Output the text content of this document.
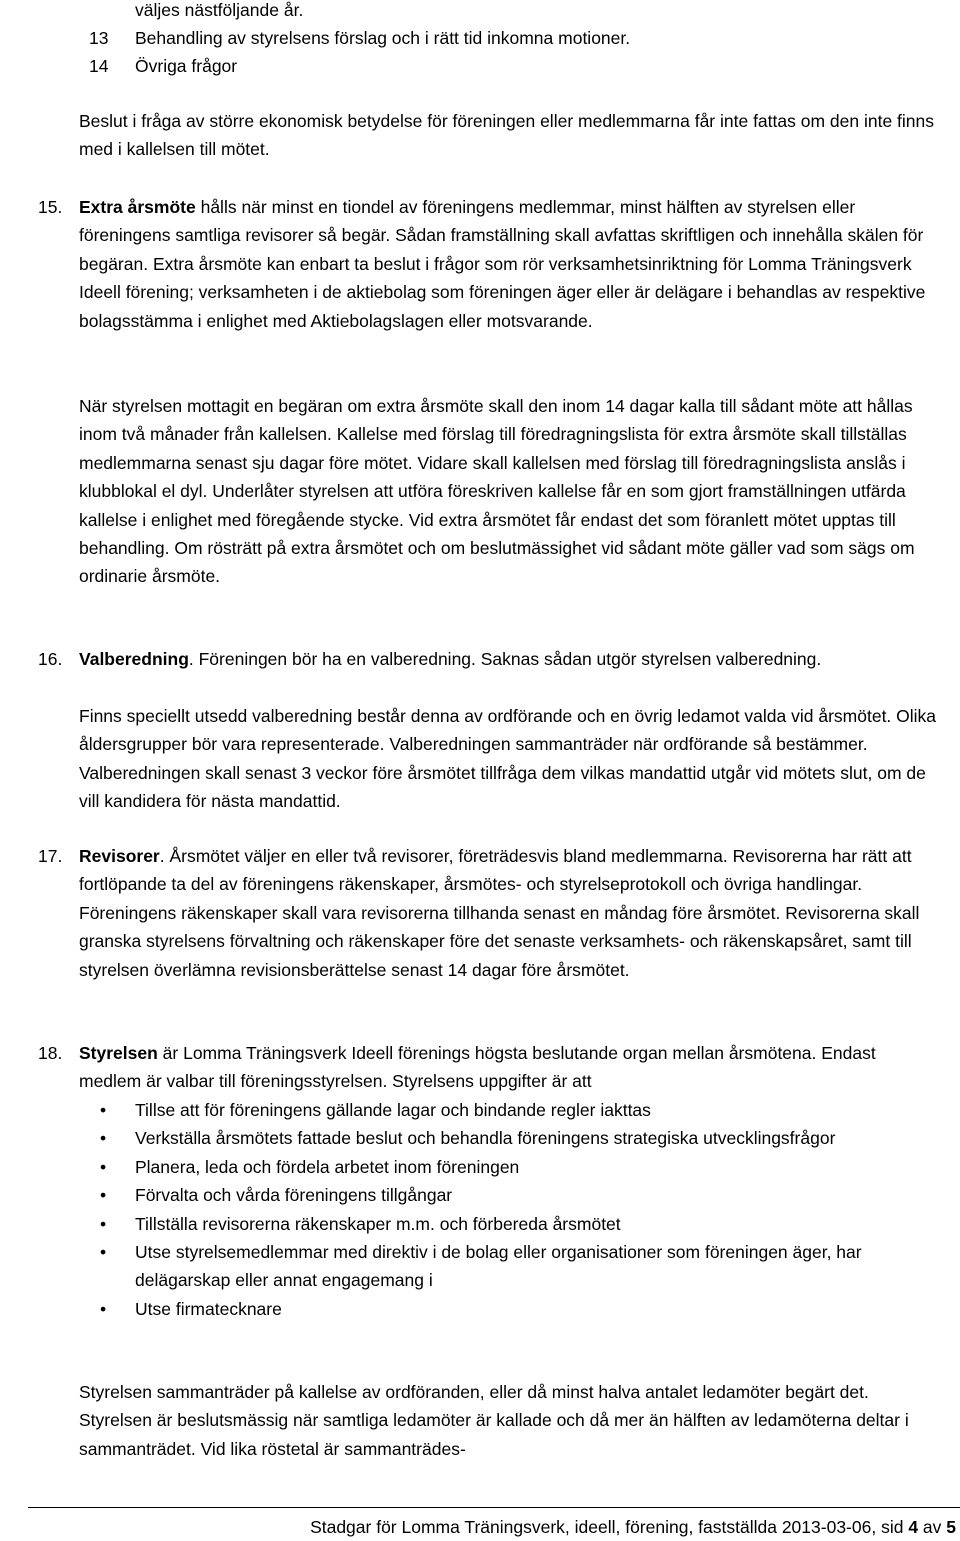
väljes nästföljande år.
13	Behandling av styrelsens förslag och i rätt tid inkomna motioner.
14	Övriga frågor
Beslut i fråga av större ekonomisk betydelse för föreningen eller medlemmarna får inte fattas om den inte finns med i kallelsen till mötet.
15. Extra årsmöte hålls när minst en tiondel av föreningens medlemmar, minst hälften av styrelsen eller föreningens samtliga revisorer så begär. Sådan framställning skall avfattas skriftligen och innehålla skälen för begäran. Extra årsmöte kan enbart ta beslut i frågor som rör verksamhetsinriktning för Lomma Träningsverk Ideell förening; verksamheten i de aktiebolag som föreningen äger eller är delägare i behandlas av respektive bolagsstämma i enlighet med Aktiebolagslagen eller motsvarande.
När styrelsen mottagit en begäran om extra årsmöte skall den inom 14 dagar kalla till sådant möte att hållas inom två månader från kallelsen. Kallelse med förslag till föredragningslista för extra årsmöte skall tillställas medlemmarna senast sju dagar före mötet. Vidare skall kallelsen med förslag till föredragningslista anslås i klubblokal el dyl. Underlåter styrelsen att utföra föreskriven kallelse får en som gjort framställningen utfärda kallelse i enlighet med föregående stycke. Vid extra årsmötet får endast det som föranlett mötet upptas till behandling. Om rösträtt på extra årsmötet och om beslutmässighet vid sådant möte gäller vad som sägs om ordinarie årsmöte.
16. Valberedning. Föreningen bör ha en valberedning. Saknas sådan utgör styrelsen valberedning.
Finns speciellt utsedd valberedning består denna av ordförande och en övrig ledamot valda vid årsmötet. Olika åldersgrupper bör vara representerade. Valberedningen sammanträder när ordförande så bestämmer. Valberedningen skall senast 3 veckor före årsmötet tillfråga dem vilkas mandattid utgår vid mötets slut, om de vill kandidera för nästa mandattid.
17. Revisorer. Årsmötet väljer en eller två revisorer, företrädesvis bland medlemmarna. Revisorerna har rätt att fortlöpande ta del av föreningens räkenskaper, årsmötes- och styrelseprotokoll och övriga handlingar. Föreningens räkenskaper skall vara revisorerna tillhanda senast en måndag före årsmötet. Revisorerna skall granska styrelsens förvaltning och räkenskaper före det senaste verksamhets- och räkenskapsåret, samt till styrelsen överlämna revisionsberättelse senast 14 dagar före årsmötet.
18. Styrelsen är Lomma Träningsverk Ideell förenings högsta beslutande organ mellan årsmötena. Endast medlem är valbar till föreningsstyrelsen. Styrelsens uppgifter är att
• Tillse att för föreningens gällande lagar och bindande regler iakttas
• Verkställa årsmötets fattade beslut och behandla föreningens strategiska utvecklingsfrågor
• Planera, leda och fördela arbetet inom föreningen
• Förvalta och vårda föreningens tillgångar
• Tillställa revisorerna räkenskaper m.m. och förbereda årsmötet
• Utse styrelsemedlemmar med direktiv i de bolag eller organisationer som föreningen äger, har delägarskap eller annat engagemang i
• Utse firmatecknare
Styrelsen sammanträder på kallelse av ordföranden, eller då minst halva antalet ledamöter begärt det. Styrelsen är beslutsmässig när samtliga ledamöter är kallade och då mer än hälften av ledamöterna deltar i sammanträdet. Vid lika röstetal är sammanträdes-
Stadgar för Lomma Träningsverk, ideell, förening, fastställda 2013-03-06, sid 4 av 5
